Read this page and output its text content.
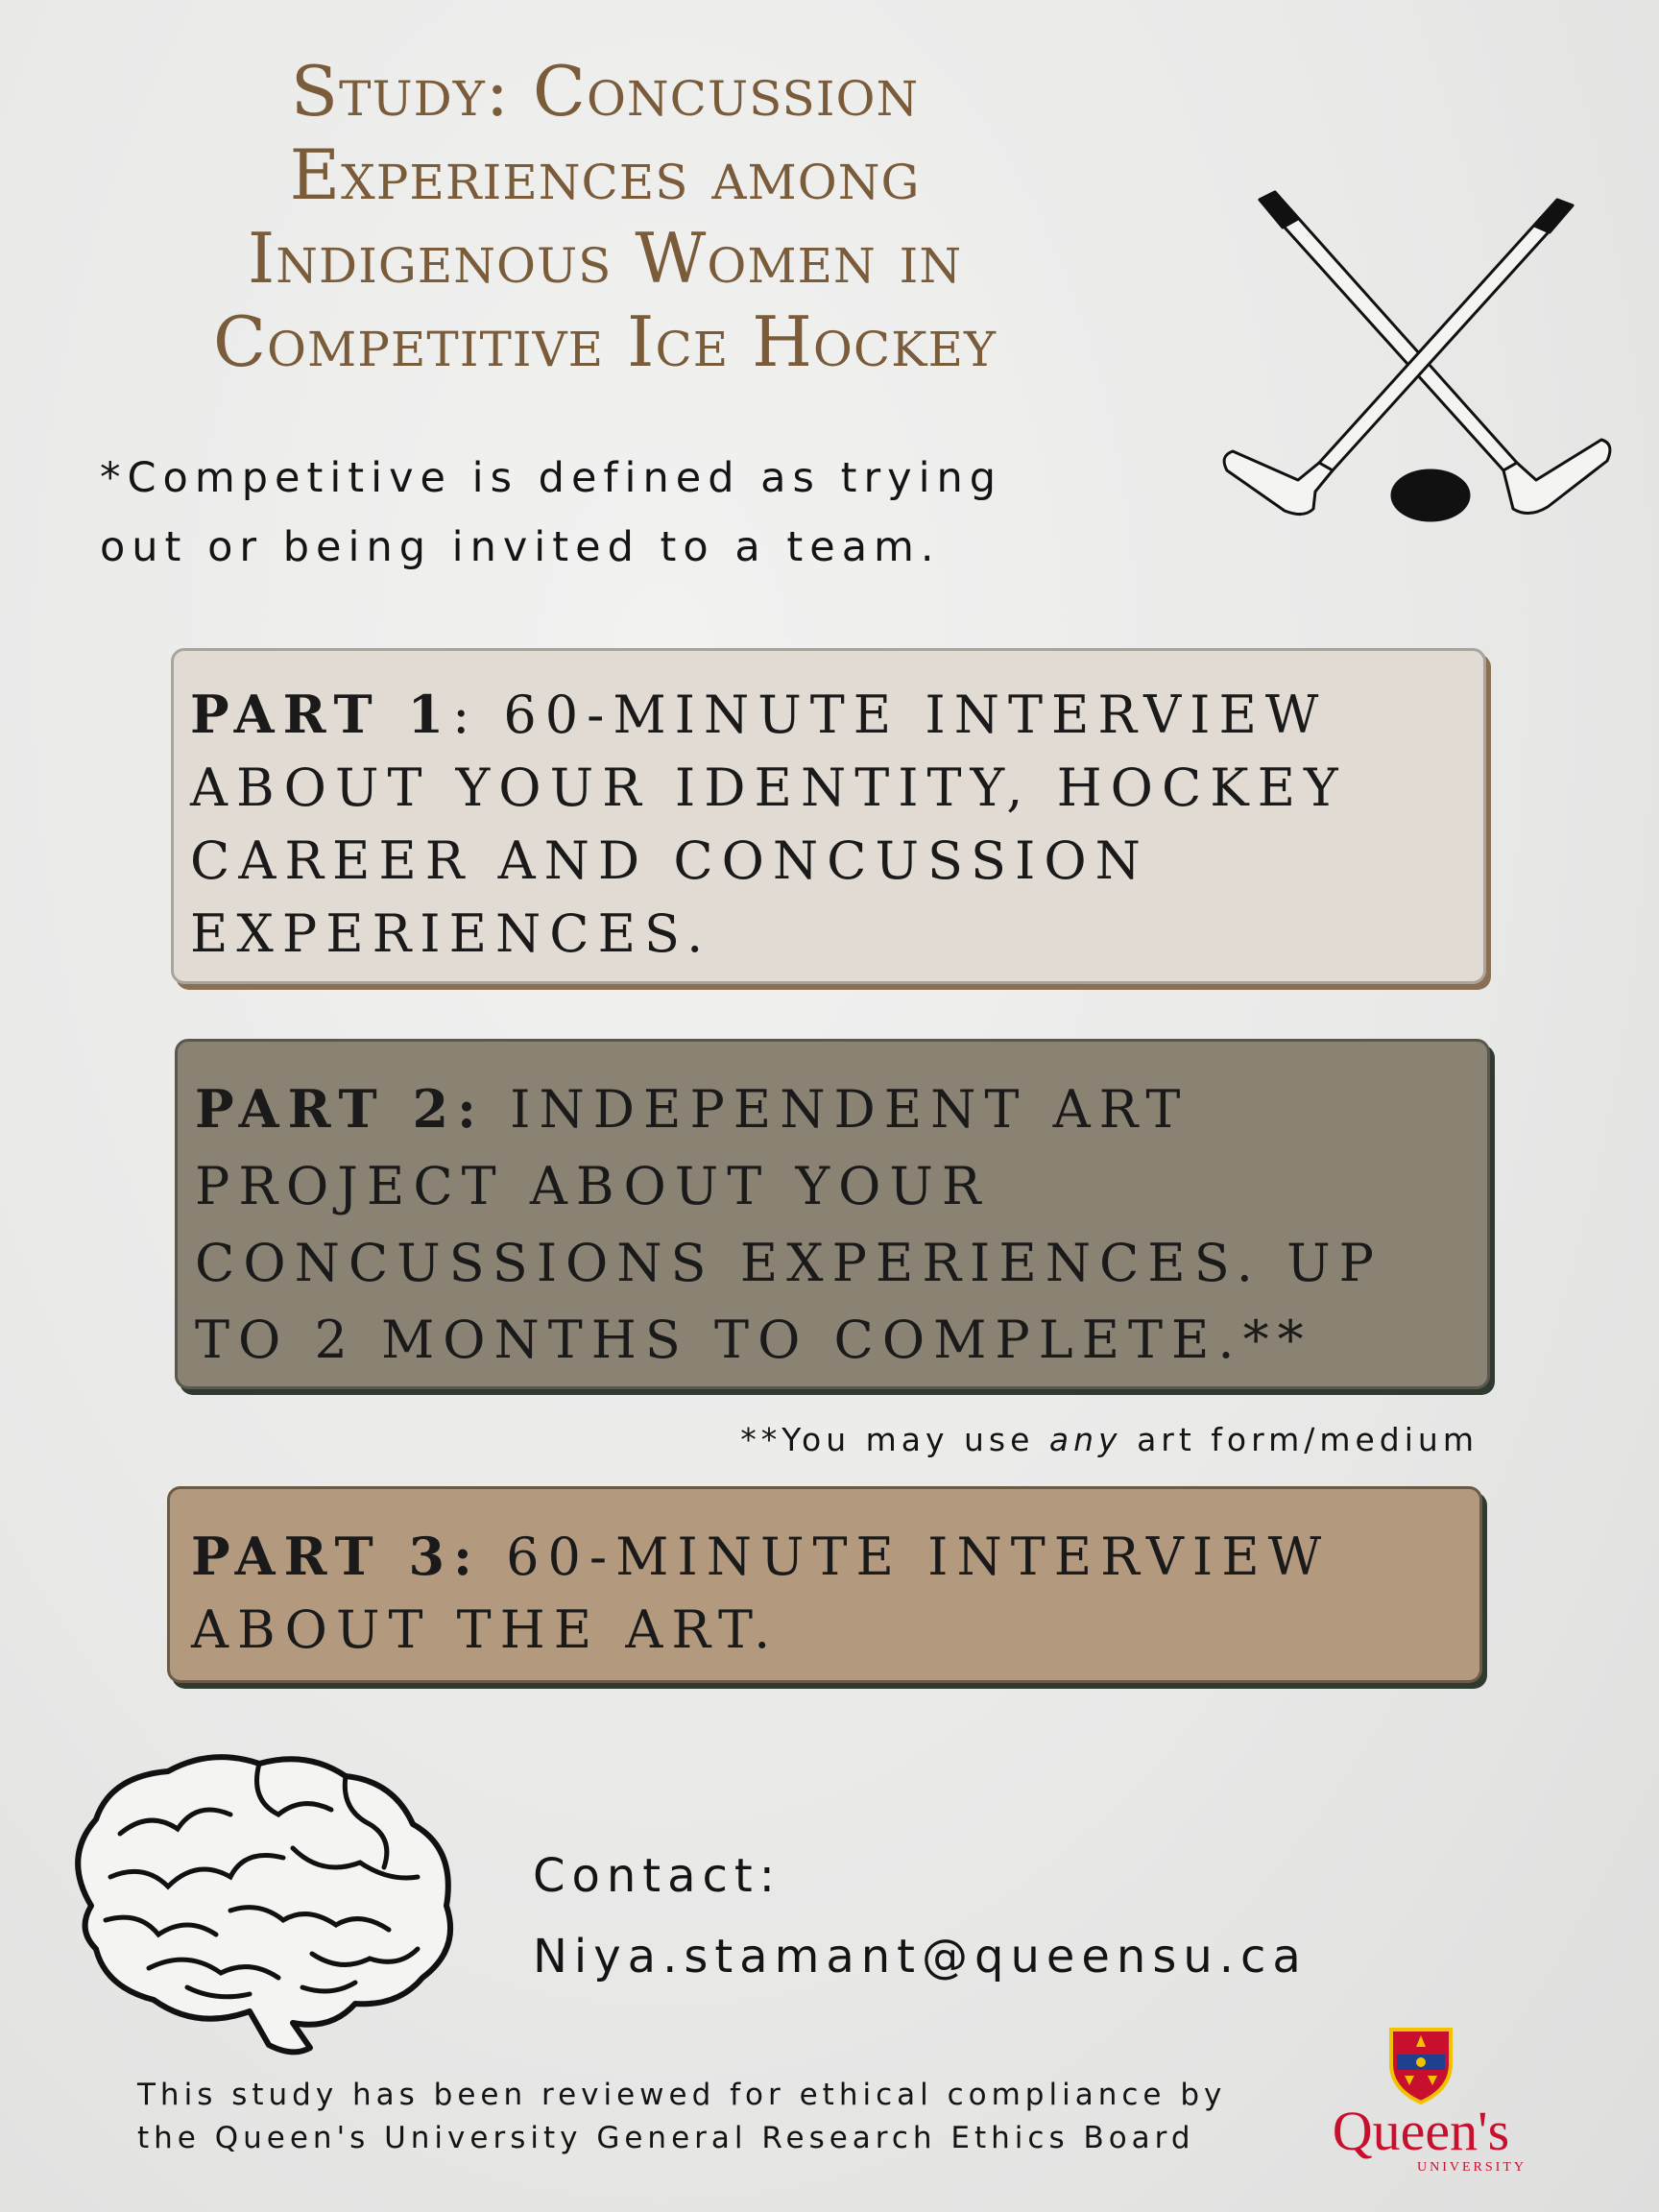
Study: Concussion
Experiences among
Indigenous Women in
Competitive Ice Hockey
*Competitive is defined as trying
out or being invited to a team.
PART 1: 60-MINUTE INTERVIEW ABOUT YOUR IDENTITY, HOCKEY CAREER AND CONCUSSION EXPERIENCES.
PART 2: INDEPENDENT ART PROJECT ABOUT YOUR CONCUSSIONS EXPERIENCES. UP TO 2 MONTHS TO COMPLETE.**
**You may use any art form/medium
PART 3: 60-MINUTE INTERVIEW ABOUT THE ART.
Contact:
Niya.stamant@queensu.ca
This study has been reviewed for ethical compliance by
the Queen's University General Research Ethics Board	Queen's
UNIVERSITY
